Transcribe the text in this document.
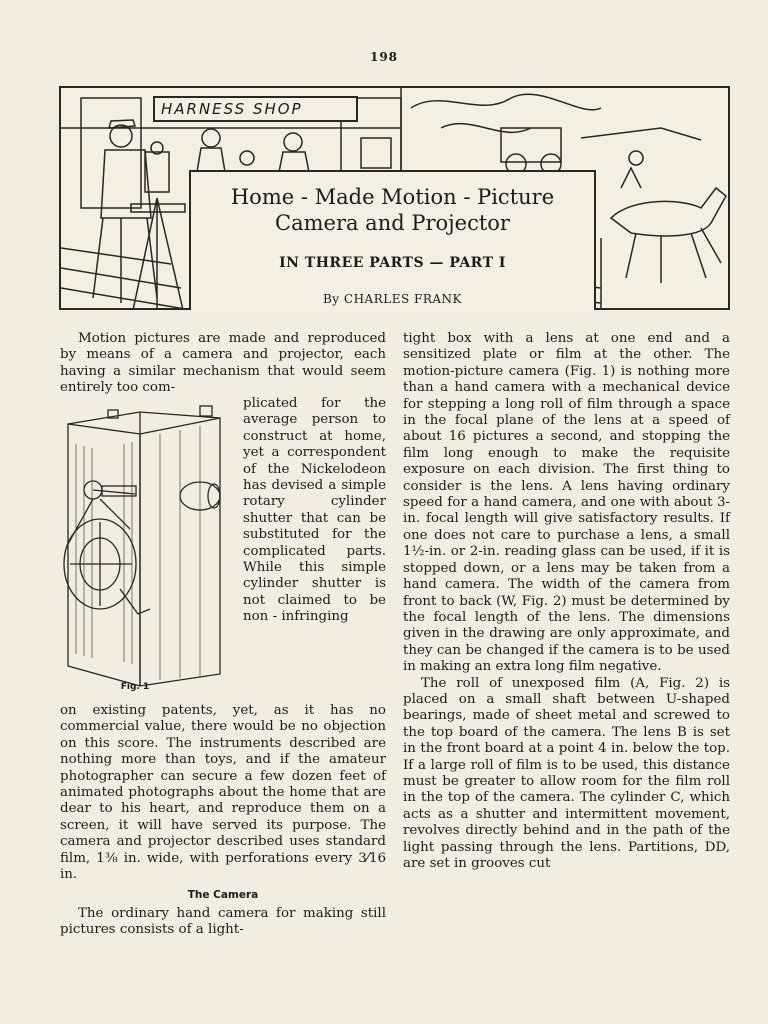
198
HARNESS SHOP
Home - Made Motion - Picture
Camera and Projector
IN THREE PARTS — PART I
By CHARLES FRANK

Motion pictures are made and reproduced by means of a camera and projector, each having a similar mechanism that would seem entirely too com-

plicated for the average person to construct at home, yet a correspondent of the Nickelodeon has devised a simple rotary cylinder shutter that can be substituted for the complicated parts. While this simple cylinder shutter is not claimed to be non - infringing

Fig. 1

on existing patents, yet, as it has no commercial value, there would be no objection on this score. The instruments described are nothing more than toys, and if the amateur photographer can secure a few dozen feet of animated photographs about the home that are dear to his heart, and reproduce them on a screen, it will have served its purpose. The camera and projector described uses standard film, 1⅜ in. wide, with perforations every 3⁄16 in.

The Camera

The ordinary hand camera for making still pictures consists of a light-

tight box with a lens at one end and a sensitized plate or film at the other. The motion-picture camera (Fig. 1) is nothing more than a hand camera with a mechanical device for stepping a long roll of film through a space in the focal plane of the lens at a speed of about 16 pictures a second, and stopping the film long enough to make the requisite exposure on each division. The first thing to consider is the lens. A lens having ordinary speed for a hand camera, and one with about 3-in. focal length will give satisfactory results. If one does not care to purchase a lens, a small 1½-in. or 2-in. reading glass can be used, if it is stopped down, or a lens may be taken from a hand camera. The width of the camera from front to back (W, Fig. 2) must be determined by the focal length of the lens. The dimensions given in the drawing are only approximate, and they can be changed if the camera is to be used in making an extra long film negative.

The roll of unexposed film (A, Fig. 2) is placed on a small shaft between U-shaped bearings, made of sheet metal and screwed to the top board of the camera. The lens B is set in the front board at a point 4 in. below the top. If a large roll of film is to be used, this distance must be greater to allow room for the film roll in the top of the camera. The cylinder C, which acts as a shutter and intermittent movement, revolves directly behind and in the path of the light passing through the lens. Partitions, DD, are set in grooves cut
